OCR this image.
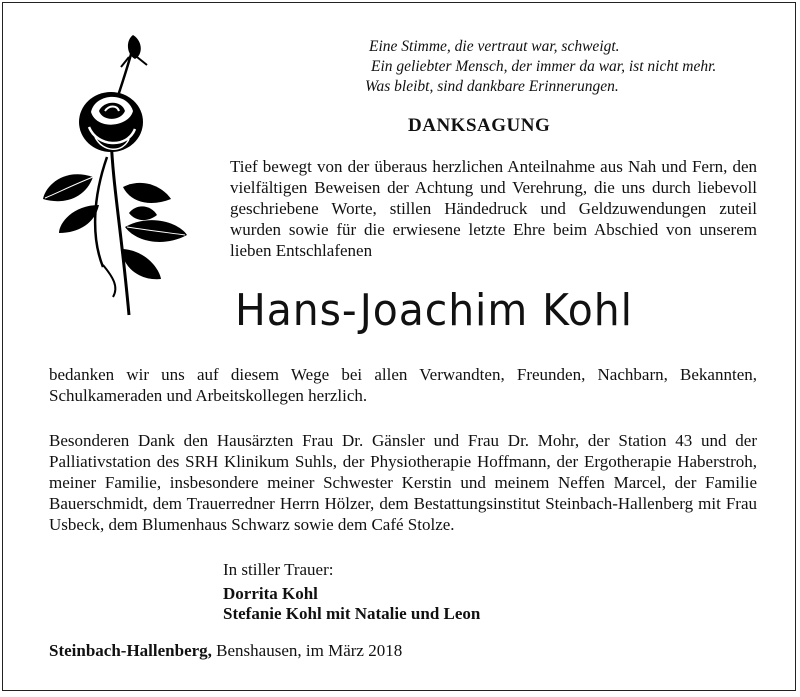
Eine Stimme, die vertraut war, schweigt.
Ein geliebter Mensch, der immer da war, ist nicht mehr.
Was bleibt, sind dankbare Erinnerungen.
DANKSAGUNG
Tief bewegt von der überaus herzlichen Anteilnahme aus Nah und Fern, den vielfältigen Beweisen der Achtung und Verehrung, die uns durch liebevoll geschriebene Worte, stillen Händedruck und Geldzuwendungen zuteil wurden sowie für die erwiesene letzte Ehre beim Abschied von unserem lieben Entschlafenen
Hans-Joachim Kohl
bedanken wir uns auf diesem Wege bei allen Verwandten, Freunden, Nachbarn, Bekannten, Schulkameraden und Arbeitskollegen herzlich.
Besonderen Dank den Hausärzten Frau Dr. Gänsler und Frau Dr. Mohr, der Station 43 und der Palliativstation des SRH Klinikum Suhls, der Physiotherapie Hoffmann, der Ergotherapie Haberstroh, meiner Familie, insbesondere meiner Schwester Kerstin und meinem Neffen Marcel, der Familie Bauerschmidt, dem Trauerredner Herrn Hölzer, dem Bestattungsinstitut Steinbach-Hallenberg mit Frau Usbeck, dem Blumenhaus Schwarz sowie dem Café Stolze.
In stiller Trauer:
Dorrita Kohl
Stefanie Kohl mit Natalie und Leon
Steinbach-Hallenberg, Benshausen, im März 2018
